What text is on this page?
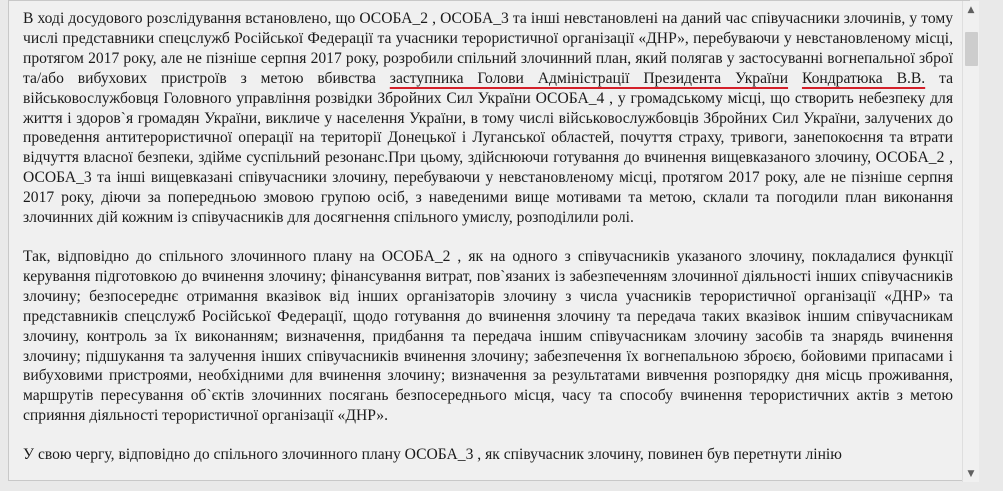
В ході досудового розслідування встановлено, що ОСОБА_2 , ОСОБА_3 та інші невстановлені на даний час співучасники злочинів, у тому числі представники спецслужб Російської Федерації та учасники терористичної організації «ДНР», перебуваючи у невстановленому місці, протягом 2017 року, але не пізніше серпня 2017 року, розробили спільний злочинний план, який полягав у застосуванні вогнепальної зброї та/або вибухових пристроїв з метою вбивства заступника Голови Адміністрації Президента України Кондратюка В.В. та військовослужбовця Головного управління розвідки Збройних Сил України ОСОБА_4 , у громадському місці, що створить небезпеку для життя і здоров`я громадян України, викличе у населення України, в тому числі військовослужбовців Збройних Сил України, залучених до проведення антитерористичної операції на території Донецької і Луганської областей, почуття страху, тривоги, занепокоєння та втрати відчуття власної безпеки, здійме суспільний резонанс.При цьому, здійснюючи готування до вчинення вищевказаного злочину, ОСОБА_2 , ОСОБА_3 та інші вищевказані співучасники злочину, перебуваючи у невстановленому місці, протягом 2017 року, але не пізніше серпня 2017 року, діючи за попередньою змовою групою осіб, з наведеними вище мотивами та метою, склали та погодили план виконання злочинних дій кожним із співучасників для досягнення спільного умислу, розподілили ролі.

Так, відповідно до спільного злочинного плану на ОСОБА_2 , як на одного з співучасників указаного злочину, покладалися функції керування підготовкою до вчинення злочину; фінансування витрат, пов`язаних із забезпеченням злочинної діяльності інших співучасників злочину; безпосереднє отримання вказівок від інших організаторів злочину з числа учасників терористичної організації «ДНР» та представників спецслужб Російської Федерації, щодо готування до вчинення злочину та передача таких вказівок іншим співучасникам злочину, контроль за їх виконанням; визначення, придбання та передача іншим співучасникам злочину засобів та знарядь вчинення злочину; підшукання та залучення інших співучасників вчинення злочину; забезпечення їх вогнепальною зброєю, бойовими припасами і вибуховими пристроями, необхідними для вчинення злочину; визначення за результатами вивчення розпорядку дня місць проживання, маршрутів пересування об`єктів злочинних посягань безпосереднього місця, часу та способу вчинення терористичних актів з метою сприяння діяльності терористичної організації «ДНР».

У свою чергу, відповідно до спільного злочинного плану ОСОБА_3 , як співучасник злочину, повинен був перетнути лінію

▲
▼
